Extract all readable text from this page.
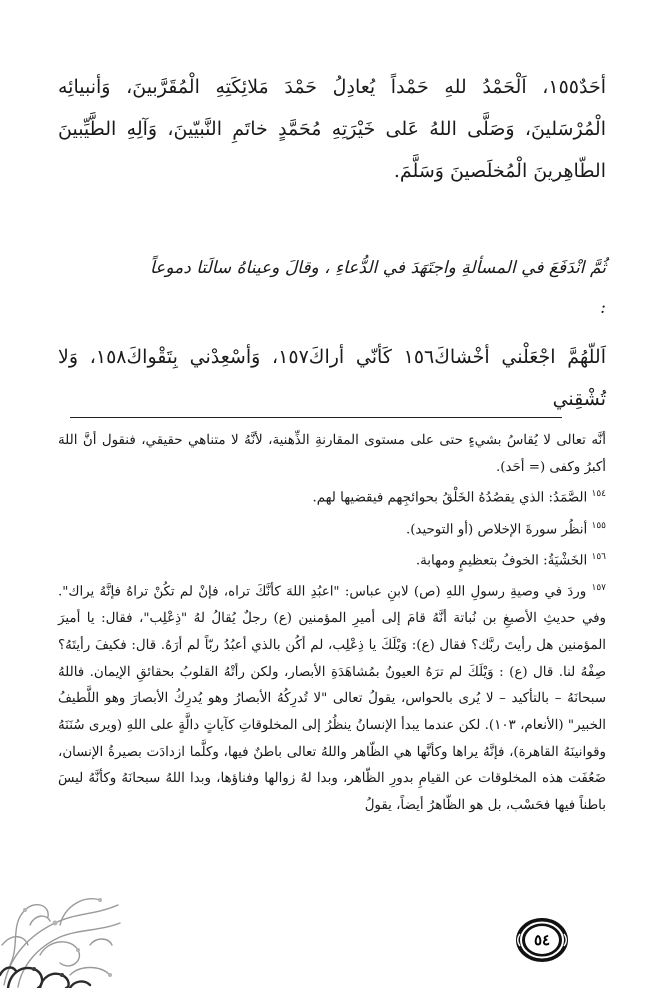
أحَدٌ١٥٥، اَلْحَمْدُ للهِ حَمْداً يُعادِلُ حَمْدَ مَلائِكَتِهِ الْمُقَرَّبينَ، وَأنبيائِه الْمُرْسَلينَ، وَصَلَّى اللهُ عَلى خَيْرَتِهِ مُحَمَّدٍ خاتَمِ النَّبيّينَ، وَآلِهِ الطَّيِّبينَ الطّاهِرينَ الْمُخلَصينَ وَسَلَّمَ.

ثُمَّ انْدَفَعَ في المسألةِ واجتَهَدَ في الدُّعاءِ ، وقالَ وعيناهُ سالَتا دموعاً :

اَللّهُمَّ اجْعَلْني أخْشاكَ١٥٦ كَأنّي أراكَ١٥٧، وَأسْعِدْني بِتَقْواكَ١٥٨، وَلا تُشْقِني

أنَّه تعالى لا يُقاسُ بشيءٍ حتى على مستوى المقارنةِ الذِّهنية، لأنَّهُ لا متناهي حقيقي، فنقول أنَّ اللهَ أكبرُ وكفى (= أحَد).

$^{١٥٤}$ الصَّمَدُ: الذي يقصُدُهُ الخَلْقُ بحوائجِهم فيقضيها لهم.

$^{١٥٥}$ أنظُر سورةَ الإخلاص (أو التوحيد).

$^{١٥٦}$ الخَشْيَةُ: الخوفُ بتعظيمٍ ومهابة.

$^{١٥٧}$ وردَ في وصيةِ رسولِ اللهِ (ص) لابنِ عباس: "اعبُدِ اللهَ كأنَّكَ تراه، فإنْ لم تكُنْ تراهُ فإنَّهُ يراك". وفي حديثِ الأصبغِ بن نُباتة أنَّهُ قامَ إلى أميرِ المؤمنين (ع) رجلٌ يُقالُ لهُ "ذِعْلِب"، فقال: يا أميرَ المؤمنين هل رأيتَ ربَّك؟ فقال (ع): وَيْلَكَ يا ذِعْلِب، لم أكُن بالذي أعبُدُ ربّاً لم أرَهُ. قال: فكيفَ رأيتَهُ؟ صِفْهُ لنا. قال (ع) : وَيْلَكَ لم ترَهُ العيونُ بمُشاهَدَةِ الأبصار، ولكن رأتْهُ القلوبُ بحقائقِ الإيمان. فاللهُ سبحانَهُ – بالتأكيد – لا يُرى بالحواس، يقولُ تعالى "لا تُدرِكُهُ الأبصارُ وهو يُدرِكُ الأبصارَ وهو اللَّطيفُ الخبير" (الأنعام، ١٠٣). لكن عندما يبدأ الإنسانُ ينظُرُ إلى المخلوقاتِ كآياتٍ دالَّةٍ على اللهِ (ويرى سُنَنَهُ وقوانينَهُ القاهرة)، فإنَّهُ يراها وكأنَّها هي الظّاهر واللهُ تعالى باطنٌ فيها، وكلَّما ازدادَت بصيرةُ الإنسان، ضَعُفَت هذه المخلوقات عن القيامِ بدورِ الظّاهر، وبدا لهُ زوالها وفناؤها، وبدا اللهُ سبحانَهُ وكأنَّهُ ليسَ باطناً فيها فحَسْب، بل هو الظّاهرُ أيضاً، يقولُ

٥٤
